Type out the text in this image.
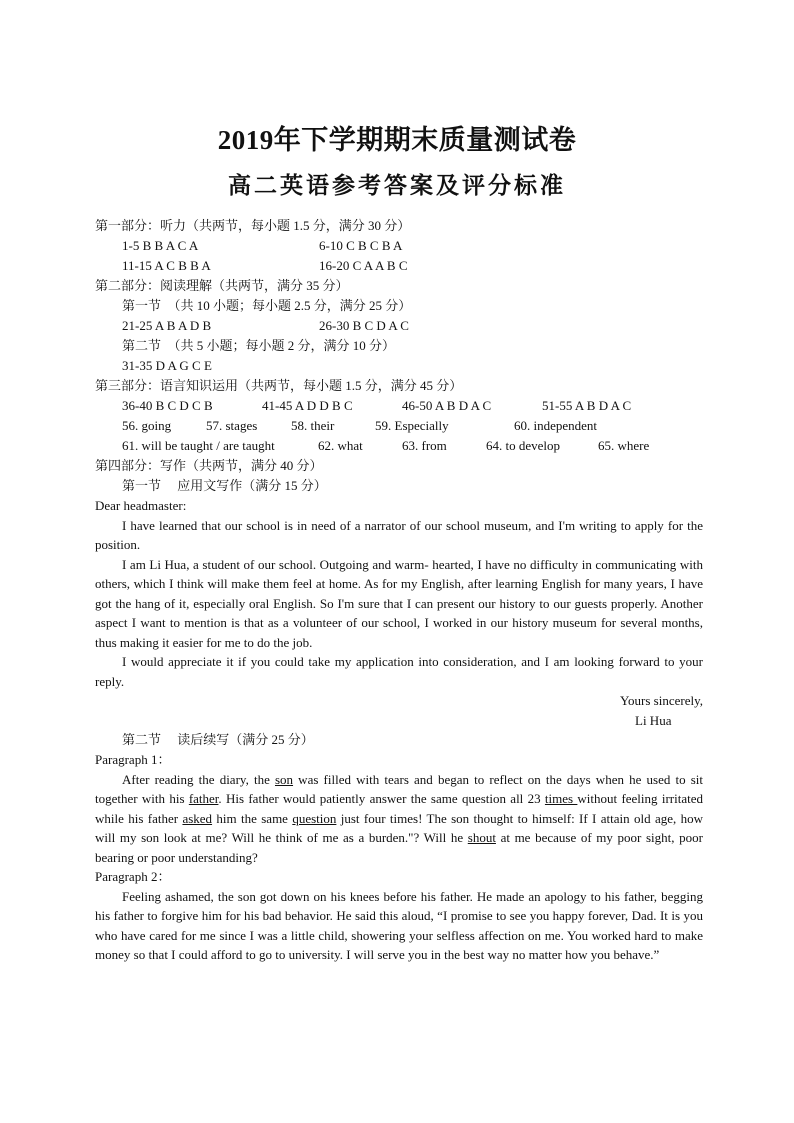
2019年下学期期末质量测试卷
高二英语参考答案及评分标准
第一部分：听力（共两节，每小题 1.5 分，满分 30 分）
1-5 B B A C A	6-10 C B C B A
11-15 A C B B A	16-20 C A A B C
第二部分：阅读理解（共两节，满分 35 分）
第一节　（共 10 小题；每小题 2.5 分，满分 25 分）
21-25 A B A D B	26-30 B C D A C
第二节　（共 5 小题；每小题 2 分，满分 10 分）
31-35 D A G C E
第三部分：语言知识运用（共两节，每小题 1.5 分，满分 45 分）
36-40 B C D C B	41-45 A D D B C	46-50 A B D A C	51-55 A B D A C
56. going	57. stages	58. their	59. Especially	60. independent
61. will be taught / are taught	62. what	63. from	64. to develop	65. where
第四部分：写作（共两节，满分 40 分）
第一节　 应用文写作（满分 15 分）

Dear headmaster:

I have learned that our school is in need of a narrator of our school museum, and I'm writing to apply for the position.

I am Li Hua, a student of our school. Outgoing and warm- hearted, I have no difficulty in communicating with others, which I think will make them feel at home. As for my English, after learning English for many years, I have got the hang of it, especially oral English. So I'm sure that I can present our history to our guests properly. Another aspect I want to mention is that as a volunteer of our school, I worked in our history museum for several months, thus making it easier for me to do the job.

I would appreciate it if you could take my application into consideration, and I am looking forward to your reply.

Yours sincerely,

Li Hua

第二节　 读后续写（满分 25 分）

Paragraph 1：

After reading the diary, the son was filled with tears and began to reflect on the days when he used to sit together with his father. His father would patiently answer the same question all 23 times without feeling irritated while his father asked him the same question just four times! The son thought to himself: If I attain old age, how will my son look at me? Will he think of me as a burden."? Will he shout at me because of my poor sight, poor bearing or poor understanding?

Paragraph 2：

Feeling ashamed, the son got down on his knees before his father. He made an apology to his father, begging his father to forgive him for his bad behavior. He said this aloud, “I promise to see you happy forever, Dad. It is you who have cared for me since I was a little child, showering your selfless affection on me. You worked hard to make money so that I could afford to go to university. I will serve you in the best way no matter how you behave.”
